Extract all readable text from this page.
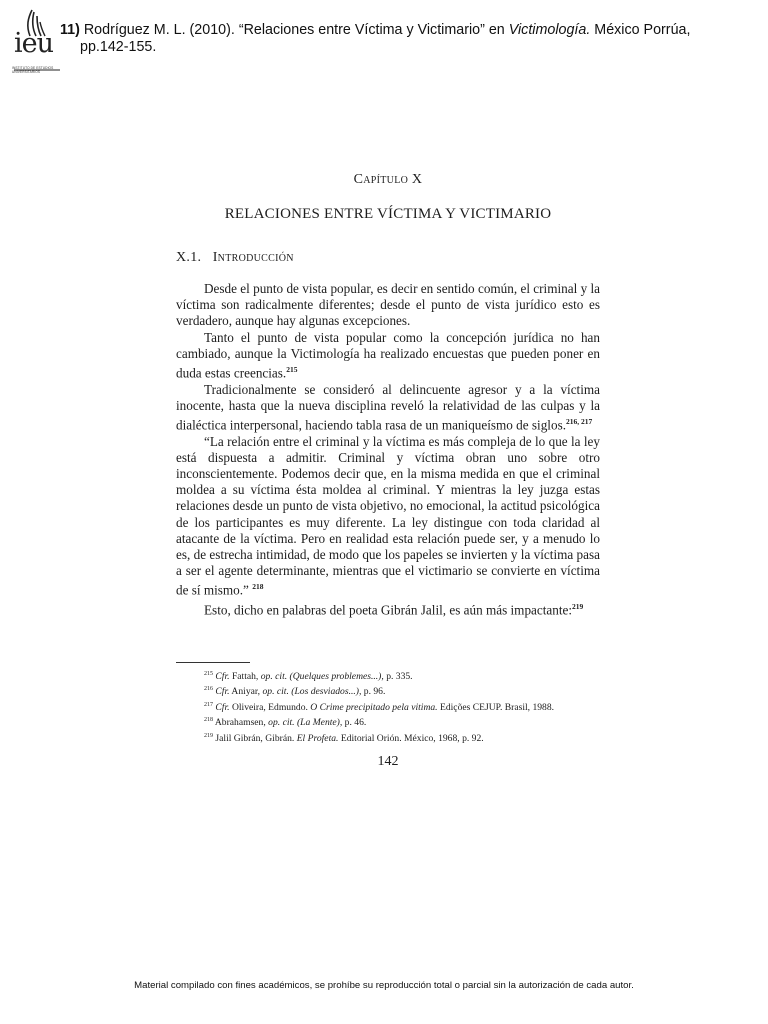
ieu
INSTITUTO DE ESTUDIOS UNIVERSITARIOS
11) Rodríguez M. L. (2010). “Relaciones entre Víctima y Victimario” en Victimología. México Porrúa,
pp.142-155.
Capítulo X
RELACIONES ENTRE VÍCTIMA Y VICTIMARIO
X.1. Introducción

Desde el punto de vista popular, es decir en sentido común, el criminal y la víctima son radicalmente diferentes; desde el punto de vista jurídico esto es verdadero, aunque hay algunas excepciones.

Tanto el punto de vista popular como la concepción jurídica no han cambiado, aunque la Victimología ha realizado encuestas que pueden poner en duda estas creencias.$^{215}$

Tradicionalmente se consideró al delincuente agresor y a la víctima inocente, hasta que la nueva disciplina reveló la relatividad de las culpas y la dialéctica interpersonal, haciendo tabla rasa de un maniqueísmo de siglos.$^{216, 217}$

“La relación entre el criminal y la víctima es más compleja de lo que la ley está dispuesta a admitir. Criminal y víctima obran uno sobre otro inconscientemente. Podemos decir que, en la misma medida en que el criminal moldea a su víctima ésta moldea al criminal. Y mientras la ley juzga estas relaciones desde un punto de vista objetivo, no emocional, la actitud psicológica de los participantes es muy diferente. La ley distingue con toda claridad al atacante de la víctima. Pero en realidad esta relación puede ser, y a menudo lo es, de estrecha intimidad, de modo que los papeles se invierten y la víctima pasa a ser el agente determinante, mientras que el victimario se convierte en víctima de sí mismo.” $^{218}$

Esto, dicho en palabras del poeta Gibrán Jalil, es aún más impactante:$^{219}$

$^{215}$ Cfr. Fattah, op. cit. (Quelques problemes...), p. 335.
$^{216}$ Cfr. Aniyar, op. cit. (Los desviados...), p. 96.
$^{217}$ Cfr. Oliveira, Edmundo. O Crime precipitado pela vitima. Edições CEJUP. Brasil, 1988.
$^{218}$ Abrahamsen, op. cit. (La Mente), p. 46.
$^{219}$ Jalil Gibrán, Gibrán. El Profeta. Editorial Orión. México, 1968, p. 92.
142
Material compilado con fines académicos, se prohíbe su reproducción total o parcial sin la autorización de cada autor.
